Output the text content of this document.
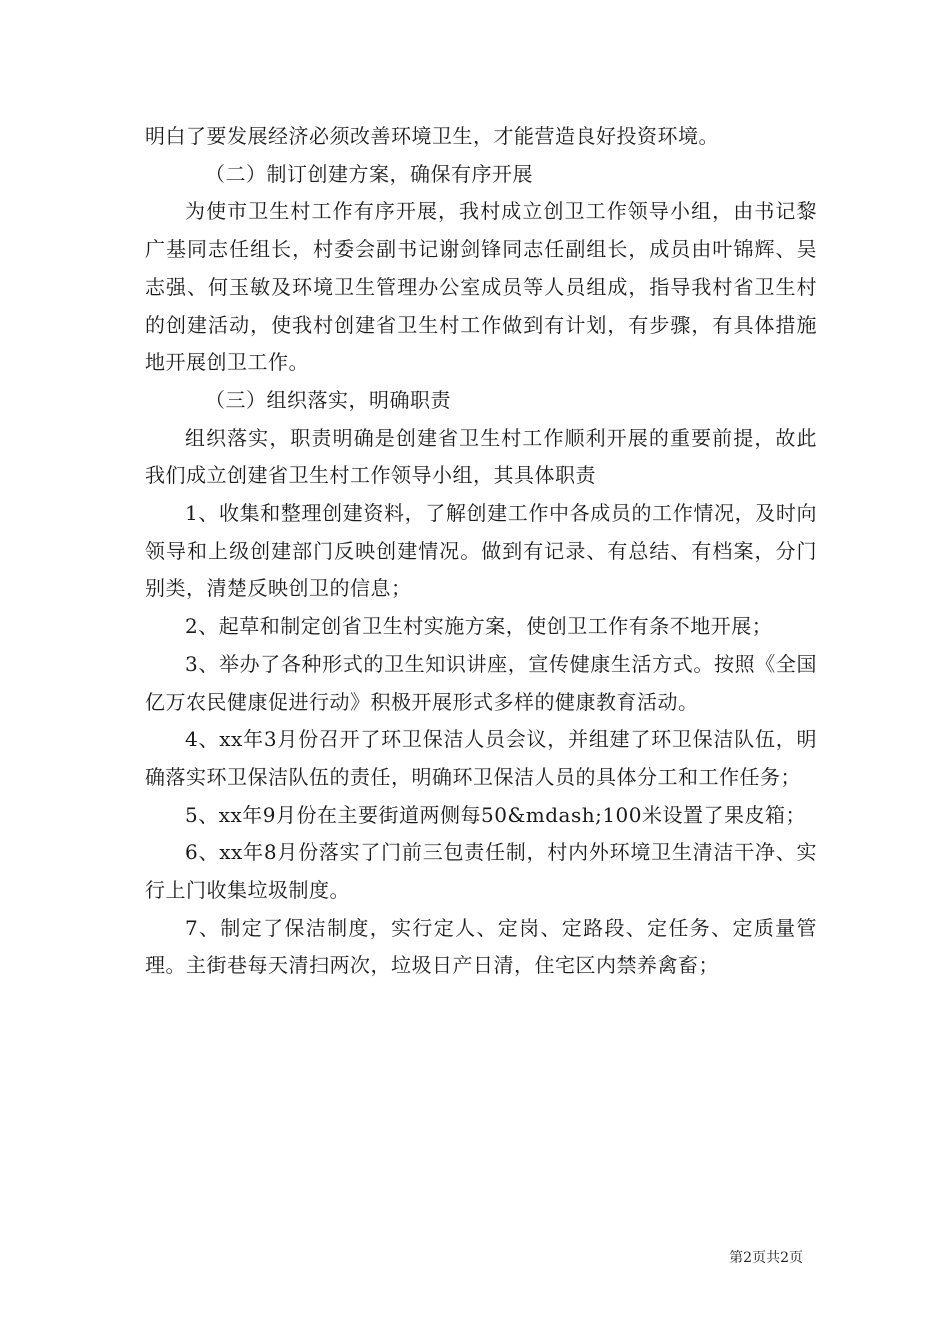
明白了要发展经济必须改善环境卫生，才能营造良好投资环境。

（二）制订创建方案，确保有序开展

为使市卫生村工作有序开展，我村成立创卫工作领导小组，由书记黎广基同志任组长，村委会副书记谢剑锋同志任副组长，成员由叶锦辉、吴志强、何玉敏及环境卫生管理办公室成员等人员组成，指导我村省卫生村的创建活动，使我村创建省卫生村工作做到有计划，有步骤，有具体措施地开展创卫工作。

（三）组织落实，明确职责

组织落实，职责明确是创建省卫生村工作顺利开展的重要前提，故此我们成立创建省卫生村工作领导小组，其具体职责

1、收集和整理创建资料，了解创建工作中各成员的工作情况，及时向领导和上级创建部门反映创建情况。做到有记录、有总结、有档案，分门别类，清楚反映创卫的信息；

2、起草和制定创省卫生村实施方案，使创卫工作有条不地开展；

3、举办了各种形式的卫生知识讲座，宣传健康生活方式。按照《全国亿万农民健康促进行动》积极开展形式多样的健康教育活动。

4、xx年3月份召开了环卫保洁人员会议，并组建了环卫保洁队伍，明确落实环卫保洁队伍的责任，明确环卫保洁人员的具体分工和工作任务；

5、xx年9月份在主要街道两侧每50&mdash;100米设置了果皮箱；

6、xx年8月份落实了门前三包责任制，村内外环境卫生清洁干净、实行上门收集垃圾制度。

7、制定了保洁制度，实行定人、定岗、定路段、定任务、定质量管理。主街巷每天清扫两次，垃圾日产日清，住宅区内禁养禽畜；

第2页共2页
